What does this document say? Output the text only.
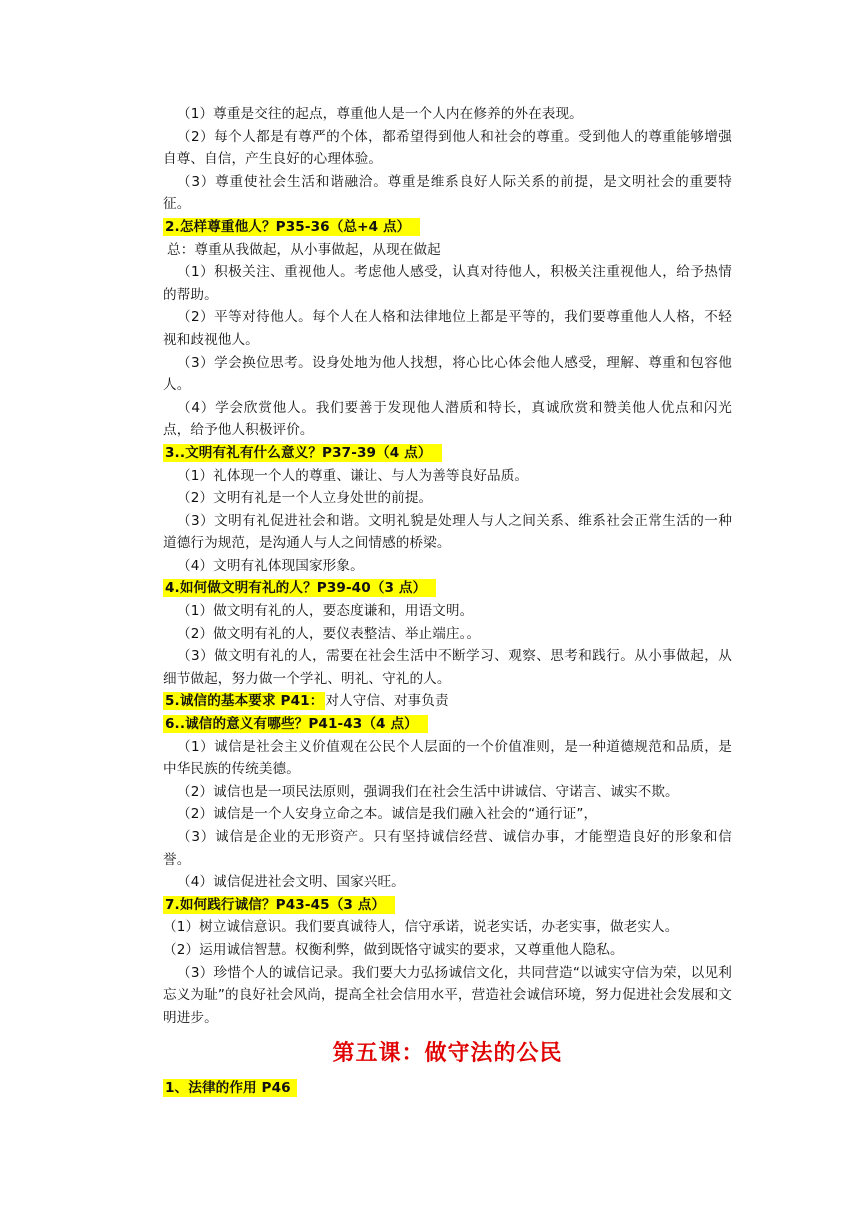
（1）尊重是交往的起点，尊重他人是一个人内在修养的外在表现。

（2）每个人都是有尊严的个体，都希望得到他人和社会的尊重。受到他人的尊重能够增强自尊、自信，产生良好的心理体验。

（3）尊重使社会生活和谐融洽。尊重是维系良好人际关系的前提，是文明社会的重要特征。

2.怎样尊重他人？P35-36（总+4 点）

总：尊重从我做起，从小事做起，从现在做起

（1）积极关注、重视他人。考虑他人感受，认真对待他人，积极关注重视他人，给予热情的帮助。

（2）平等对待他人。每个人在人格和法律地位上都是平等的，我们要尊重他人人格，不轻视和歧视他人。

（3）学会换位思考。设身处地为他人找想，将心比心体会他人感受，理解、尊重和包容他人。

（4）学会欣赏他人。我们要善于发现他人潜质和特长，真诚欣赏和赞美他人优点和闪光点，给予他人积极评价。

3..文明有礼有什么意义？P37-39（4 点）

（1）礼体现一个人的尊重、谦让、与人为善等良好品质。

（2）文明有礼是一个人立身处世的前提。

（3）文明有礼促进社会和谐。文明礼貌是处理人与人之间关系、维系社会正常生活的一种道德行为规范，是沟通人与人之间情感的桥梁。

（4）文明有礼体现国家形象。

4.如何做文明有礼的人？P39-40（3 点）

（1）做文明有礼的人，要态度谦和，用语文明。

（2）做文明有礼的人，要仪表整洁、举止端庄。。

（3）做文明有礼的人，需要在社会生活中不断学习、观察、思考和践行。从小事做起，从细节做起，努力做一个学礼、明礼、守礼的人。

5.诚信的基本要求 P41： 对人守信、对事负责

6..诚信的意义有哪些？P41-43（4 点）

（1）诚信是社会主义价值观在公民个人层面的一个价值准则，是一种道德规范和品质，是中华民族的传统美德。

（2）诚信也是一项民法原则，强调我们在社会生活中讲诚信、守诺言、诚实不欺。

（2）诚信是一个人安身立命之本。诚信是我们融入社会的“通行证”，

（3）诚信是企业的无形资产。只有坚持诚信经营、诚信办事，才能塑造良好的形象和信誉。

（4）诚信促进社会文明、国家兴旺。

7.如何践行诚信？P43-45（3 点）

（1）树立诚信意识。我们要真诚待人，信守承诺，说老实话，办老实事，做老实人。

（2）运用诚信智慧。权衡利弊，做到既恪守诚实的要求，又尊重他人隐私。

（3）珍惜个人的诚信记录。我们要大力弘扬诚信文化，共同营造“以诚实守信为荣，以见利忘义为耻”的良好社会风尚，提高全社会信用水平，营造社会诚信环境，努力促进社会发展和文明进步。

第五课：做守法的公民

1、法律的作用 P46
